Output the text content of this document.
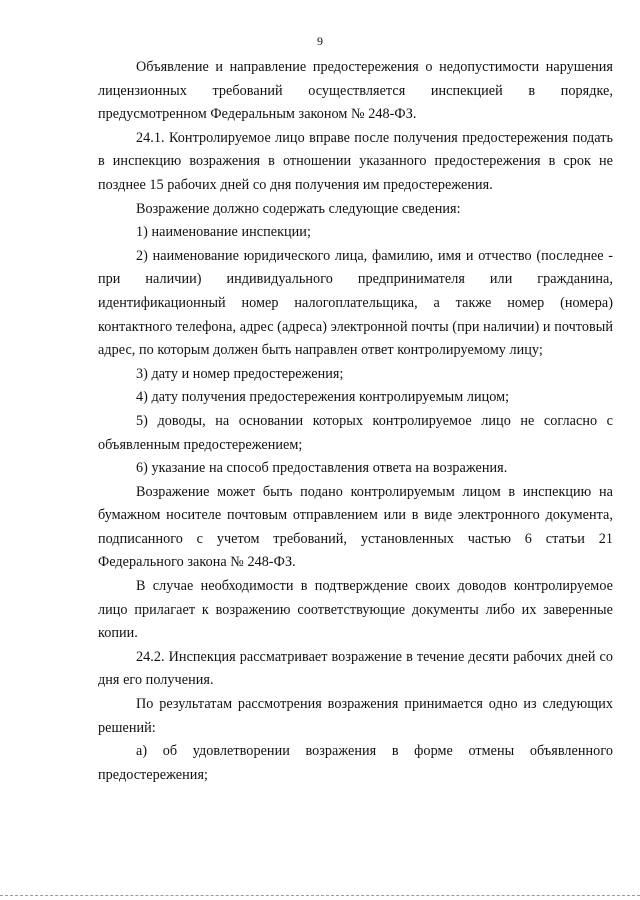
9

Объявление и направление предостережения о недопустимости нарушения лицензионных требований осуществляется инспекцией в порядке, предусмотренном Федеральным законом № 248-ФЗ.

24.1. Контролируемое лицо вправе после получения предостережения подать в инспекцию возражения в отношении указанного предостережения в срок не позднее 15 рабочих дней со дня получения им предостережения.

Возражение должно содержать следующие сведения:

1) наименование инспекции;

2) наименование юридического лица, фамилию, имя и отчество (последнее - при наличии) индивидуального предпринимателя или гражданина, идентификационный номер налогоплательщика, а также номер (номера) контактного телефона, адрес (адреса) электронной почты (при наличии) и почтовый адрес, по которым должен быть направлен ответ контролируемому лицу;

3) дату и номер предостережения;

4) дату получения предостережения контролируемым лицом;

5) доводы, на основании которых контролируемое лицо не согласно с объявленным предостережением;

6) указание на способ предоставления ответа на возражения.

Возражение может быть подано контролируемым лицом в инспекцию на бумажном носителе почтовым отправлением или в виде электронного документа, подписанного с учетом требований, установленных частью 6 статьи 21 Федерального закона № 248-ФЗ.

В случае необходимости в подтверждение своих доводов контролируемое лицо прилагает к возражению соответствующие документы либо их заверенные копии.

24.2. Инспекция рассматривает возражение в течение десяти рабочих дней со дня его получения.

По результатам рассмотрения возражения принимается одно из следующих решений:

а) об удовлетворении возражения в форме отмены объявленного предостережения;
